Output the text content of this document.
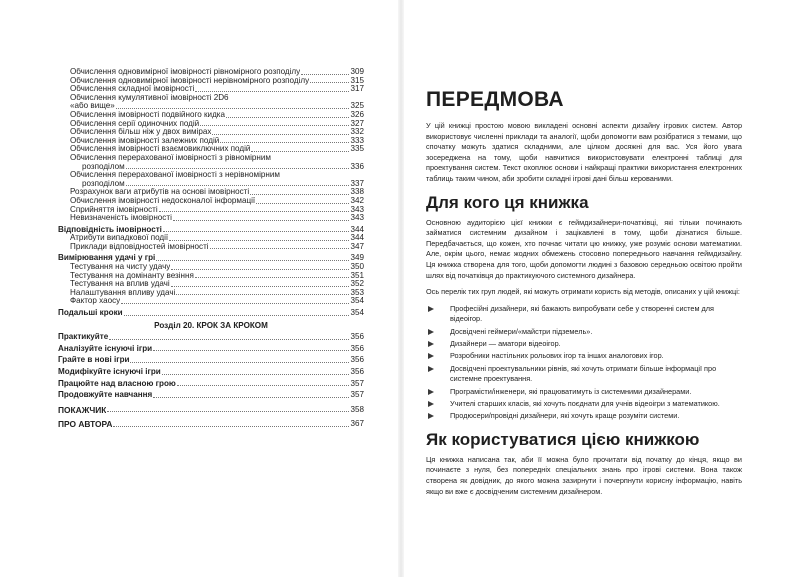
Обчислення одновимірної імовірності рівномірного розподілу	309
Обчислення одновимірної імовірності нерівномірного розподілу	315
Обчислення складної імовірності	317
Обчислення кумулятивної імовірності 2D6
«або вище»	325
Обчислення імовірності подвійного кидка	326
Обчислення серії одиночних подій	327
Обчислення більш ніж у двох вимірах	332
Обчислення імовірності залежних подій	333
Обчислення імовірності взаємовиключних подій	335
Обчислення перерахованої імовірності з рівномірним
розподілом	336
Обчислення перерахованої імовірності з нерівномірним
розподілом	337
Розрахунок ваги атрибутів на основі імовірності	338
Обчислення імовірності недосконалої інформації	342
Сприйняття імовірності	343
Невизначеність імовірності	343
Відповідність імовірності	344
Атрибути випадкової події	344
Приклади відповідностей імовірності	347
Вимірювання удачі у грі	349
Тестування на чисту удачу	350
Тестування на домінанту везіння	351
Тестування на вплив удачі	352
Налаштування впливу удачі	353
Фактор хаосу	354
Подальші кроки	354
Розділ 20. КРОК ЗА КРОКОМ
Практикуйте	356
Аналізуйте існуючі ігри	356
Грайте в нові ігри	356
Модифікуйте існуючі ігри	356
Працюйте над власною грою	357
Продовжуйте навчання	357
ПОКАЖЧИК	358
ПРО АВТОРА	367
ПЕРЕДМОВА

У цій книжці простою мовою викладені основні аспекти дизайну ігрових систем. Автор використовує численні приклади та аналогії, щоби допомогти вам розібратися з темами, що спочатку можуть здатися складними, але цілком досяжні для вас. Уся його увага зосереджена на тому, щоби навчитися використовувати електронні таблиці для проектування систем. Текст охоплює основи і найкращі практики використання електронних таблиць таким чином, аби зробити складні ігрові дані більш керованими.

Для кого ця книжка

Основною аудиторією цієї книжки є геймдизайнери-початківці, які тільки починають займатися системним дизайном і зацікавлені в тому, щоби дізнатися більше. Передбачається, що кожен, хто почнає читати цю книжку, уже розуміє основи математики. Але, окрім цього, немає жодних обмежень стосовно попереднього навчання геймдизайну. Ця книжка створена для того, щоби допомогти людині з базовою середньою освітою пройти шлях від початківця до практикуючого системного дизайнера.

Ось перелік тих груп людей, які можуть отримати користь від методів, описаних у цій книжці:

Професійні дизайнери, які бажають випробувати себе у створенні систем для відеоігор.
Досвідчені геймери/«майстри підземель».
Дизайнери — аматори відеоігор.
Розробники настільних рольових ігор та інших аналогових ігор.
Досвідчені проектувальники рівнів, які хочуть отримати більше інформації про системне проектування.
Програмісти/інженери, які працюватимуть із системними дизайнерами.
Учителі старших класів, які хочуть поєднати для учнів відеоігри з математикою.
Продюсери/провідні дизайнери, які хочуть краще розуміти системи.
Як користуватися цією книжкою

Ця книжка написана так, аби її можна було прочитати від початку до кінця, якщо ви починаєте з нуля, без попередніх спеціальних знань про ігрові системи. Вона також створена як довідник, до якого можна зазирнути і почерпнути корисну інформацію, навіть якщо ви вже є досвідченим системним дизайнером.
